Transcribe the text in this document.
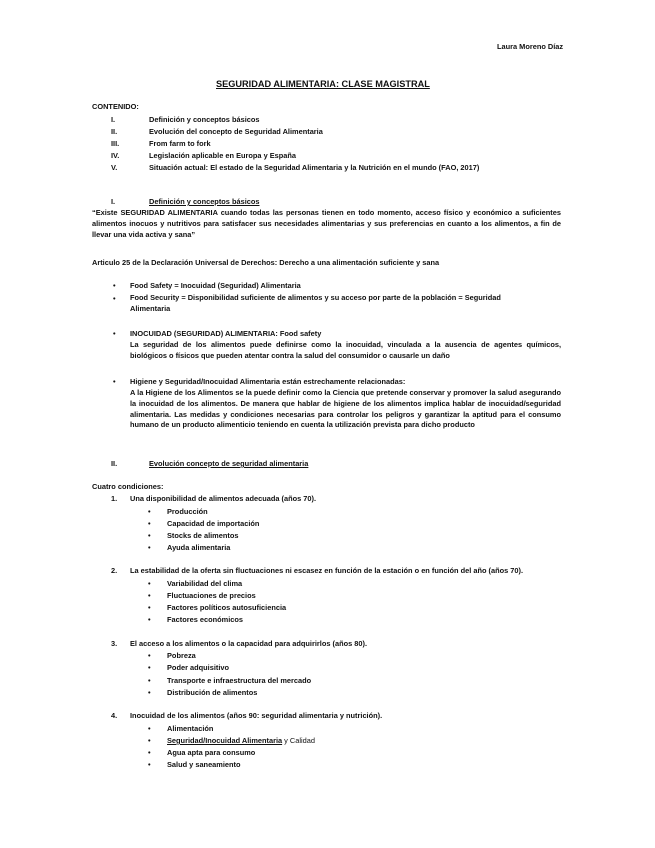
Laura Moreno Díaz
SEGURIDAD ALIMENTARIA: CLASE MAGISTRAL
CONTENIDO:
I.	Definición y conceptos básicos
II.	Evolución del concepto de Seguridad Alimentaria
III.	From farm to fork
IV.	Legislación aplicable en Europa y España
V.	Situación actual: El estado de la Seguridad Alimentaria y la Nutrición en el mundo (FAO, 2017)
I.	Definición y conceptos básicos
“Existe SEGURIDAD ALIMENTARIA cuando todas las personas tienen en todo momento, acceso físico y económico a suficientes alimentos inocuos y nutritivos para satisfacer sus necesidades alimentarias y sus preferencias en cuanto a los alimentos, a fin de llevar una vida activa y sana”
Articulo 25 de la Declaración Universal de Derechos: Derecho a una alimentación suficiente y sana
• Food Safety = Inocuidad (Seguridad) Alimentaria
• Food Security = Disponibilidad suficiente de alimentos y su acceso por parte de la población = Seguridad Alimentaria
• INOCUIDAD (SEGURIDAD) ALIMENTARIA: Food safety
La seguridad de los alimentos puede definirse como la inocuidad, vinculada a la ausencia de agentes químicos, biológicos o físicos que pueden atentar contra la salud del consumidor o causarle un daño
• Higiene y Seguridad/Inocuidad Alimentaria están estrechamente relacionadas:
A la Higiene de los Alimentos se la puede definir como la Ciencia que pretende conservar y promover la salud asegurando la inocuidad de los alimentos. De manera que hablar de higiene de los alimentos implica hablar de inocuidad/seguridad alimentaria. Las medidas y condiciones necesarias para controlar los peligros y garantizar la aptitud para el consumo humano de un producto alimenticio teniendo en cuenta la utilización prevista para dicho producto
II.	Evolución concepto de seguridad alimentaria
Cuatro condiciones:
1. Una disponibilidad de alimentos adecuada (años 70).
• Producción
• Capacidad de importación
• Stocks de alimentos
• Ayuda alimentaria
2. La estabilidad de la oferta sin fluctuaciones ni escasez en función de la estación o en función del año (años 70).
• Variabilidad del clima
• Fluctuaciones de precios
• Factores políticos autosuficiencia
• Factores económicos
3. El acceso a los alimentos o la capacidad para adquirirlos (años 80).
• Pobreza
• Poder adquisitivo
• Transporte e infraestructura del mercado
• Distribución de alimentos
4. Inocuidad de los alimentos (años 90: seguridad alimentaria y nutrición).
• Alimentación
• Seguridad/Inocuidad Alimentaria y Calidad
• Agua apta para consumo
• Salud y saneamiento
